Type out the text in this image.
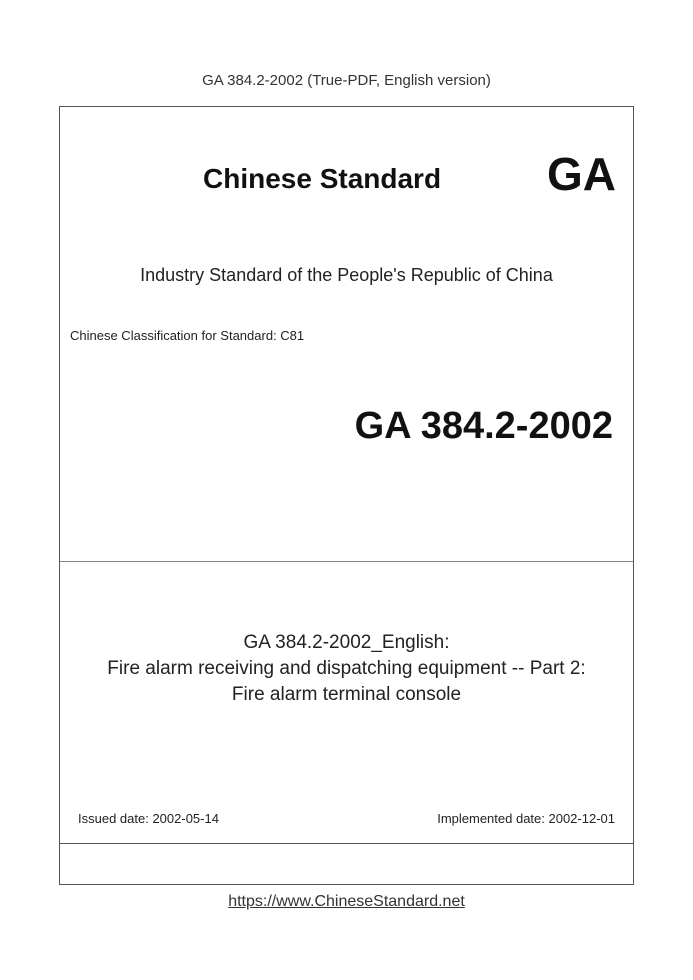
GA 384.2-2002 (True-PDF, English version)
Chinese Standard GA
Industry Standard of the People's Republic of China
Chinese Classification for Standard: C81
GA 384.2-2002
GA 384.2-2002_English:
Fire alarm receiving and dispatching equipment -- Part 2:
Fire alarm terminal console
Issued date: 2002-05-14	Implemented date: 2002-12-01
https://www.ChineseStandard.net
